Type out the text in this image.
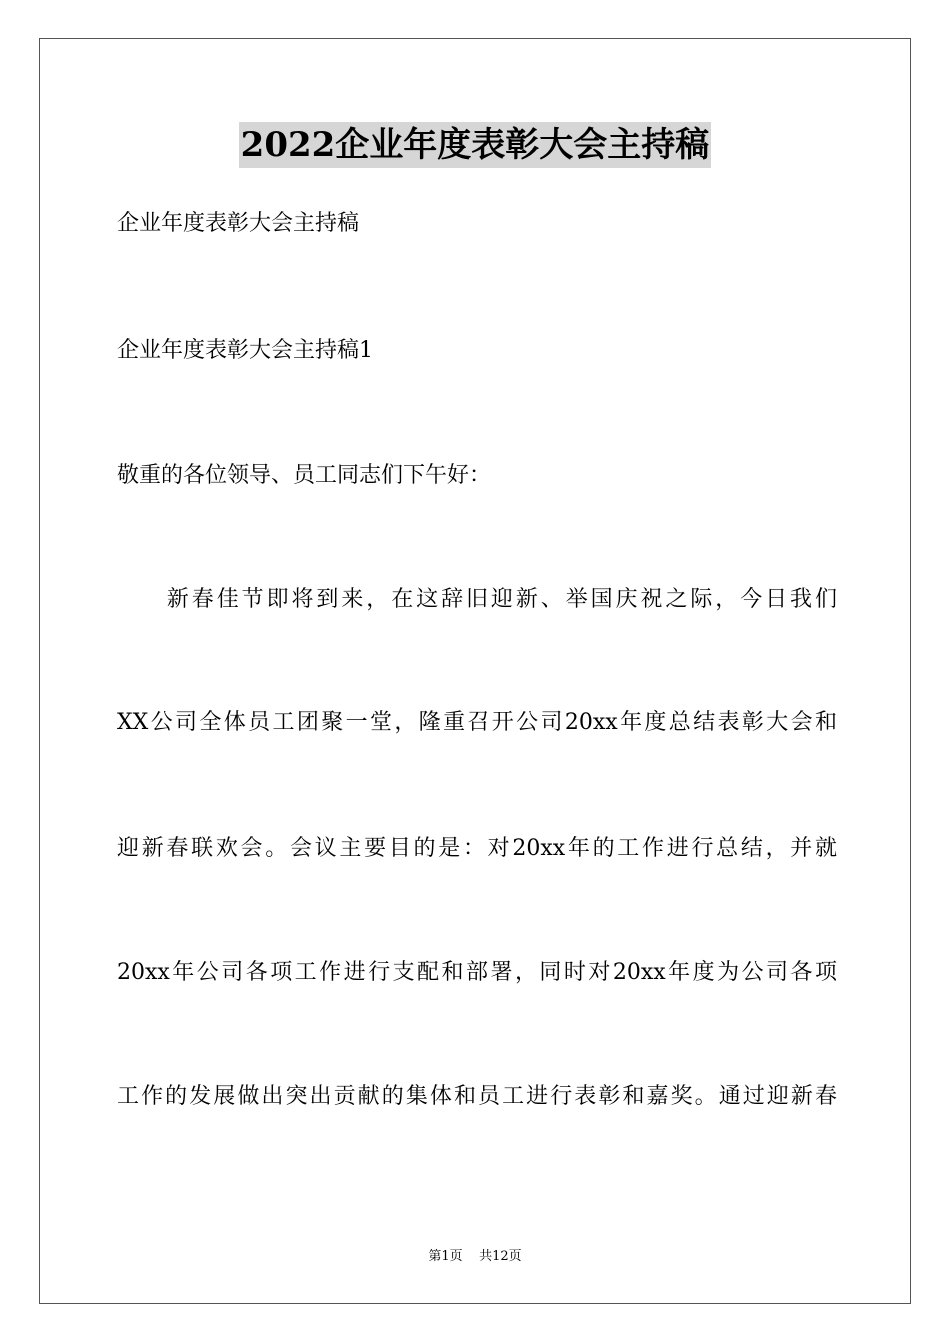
2022企业年度表彰大会主持稿
企业年度表彰大会主持稿
企业年度表彰大会主持稿1
敬重的各位领导、员工同志们下午好：
　　新春佳节即将到来，在这辞旧迎新、举国庆祝之际，今日我们
XX公司全体员工团聚一堂，隆重召开公司20xx年度总结表彰大会和
迎新春联欢会。会议主要目的是：对20xx年的工作进行总结，并就
20xx年公司各项工作进行支配和部署，同时对20xx年度为公司各项
工作的发展做出突出贡献的集体和员工进行表彰和嘉奖。通过迎新春
第1页 共12页
